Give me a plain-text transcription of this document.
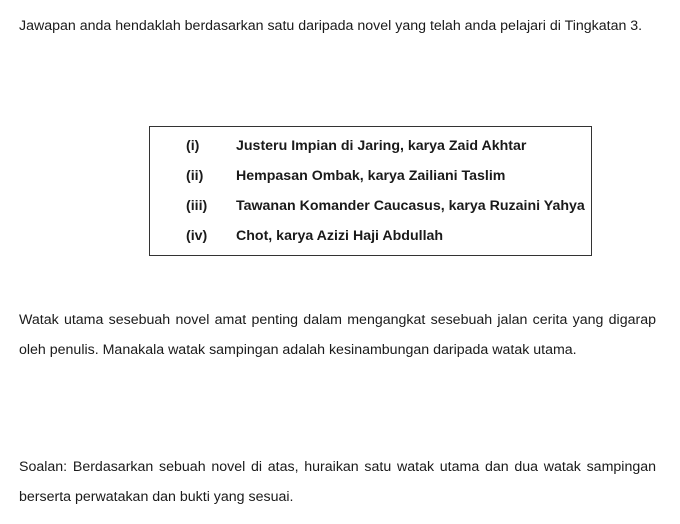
Jawapan anda hendaklah berdasarkan satu daripada novel yang telah anda pelajari di Tingkatan 3.

(i)	Justeru Impian di Jaring, karya Zaid Akhtar
(ii)	Hempasan Ombak, karya Zailiani Taslim
(iii)	Tawanan Komander Caucasus, karya Ruzaini Yahya
(iv)	Chot, karya Azizi Haji Abdullah

Watak utama sesebuah novel amat penting dalam mengangkat sesebuah jalan cerita yang digarap oleh penulis. Manakala watak sampingan adalah kesinambungan daripada watak utama.

Soalan: Berdasarkan sebuah novel di atas, huraikan satu watak utama dan dua watak sampingan berserta perwatakan dan bukti yang sesuai.
